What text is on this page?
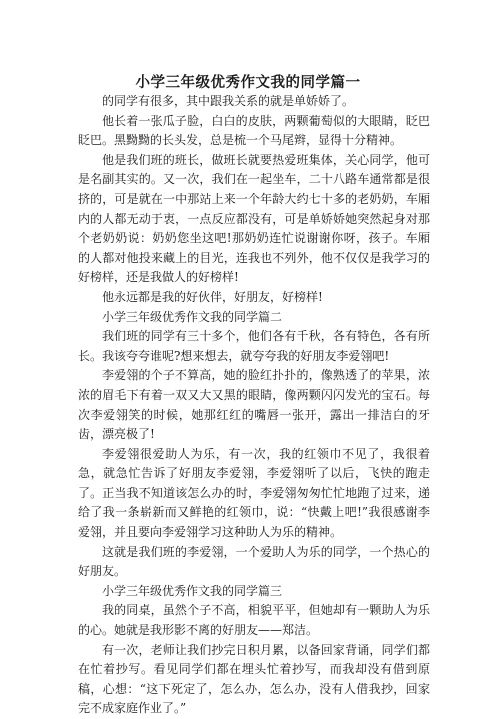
小学三年级优秀作文我的同学篇一

的同学有很多，其中跟我关系的就是单娇娇了。

他长着一张瓜子脸，白白的皮肤，两颗葡萄似的大眼睛，眨巴眨巴。黑黝黝的长头发，总是梳一个马尾辫，显得十分精神。

他是我们班的班长，做班长就要热爱班集体，关心同学，他可是名副其实的。又一次，我们在一起坐车，二十八路车通常都是很挤的，可是就在一中那站上来一个年龄大约七十多的老奶奶，车厢内的人都无动于衷，一点反应都没有，可是单娇娇她突然起身对那个老奶奶说：奶奶您坐这吧!那奶奶连忙说谢谢你呀，孩子。车厢的人都对他投来藏上的目光，连我也不列外，他不仅仅是我学习的好榜样，还是我做人的好榜样!

他永远都是我的好伙伴，好朋友，好榜样!

小学三年级优秀作文我的同学篇二

我们班的同学有三十多个，他们各有千秋，各有特色，各有所长。我该夸夸谁呢?想来想去，就夸夸我的好朋友李爱翎吧!

李爱翎的个子不算高，她的脸红扑扑的，像熟透了的苹果，浓浓的眉毛下有着一双又大又黑的眼睛，像两颗闪闪发光的宝石。每次李爱翎笑的时候，她那红红的嘴唇一张开，露出一排洁白的牙齿，漂亮极了!

李爱翎很爱助人为乐，有一次，我的红领巾不见了，我很着急，就急忙告诉了好朋友李爱翎，李爱翎听了以后，飞快的跑走了。正当我不知道该怎么办的时，李爱翎匆匆忙忙地跑了过来，递给了我一条崭新而又鲜艳的红领巾，说：“快戴上吧!”我很感谢李爱翎，并且要向李爱翎学习这种助人为乐的精神。

这就是我们班的李爱翎，一个爱助人为乐的同学，一个热心的好朋友。

小学三年级优秀作文我的同学篇三

我的同桌，虽然个子不高，相貌平平，但她却有一颗助人为乐的心。她就是我形影不离的好朋友——郑洁。

有一次，老师让我们抄完日积月累，以备回家背诵，同学们都在忙着抄写。看见同学们都在埋头忙着抄写，而我却没有借到原稿，心想：“这下死定了，怎么办，怎么办，没有人借我抄，回家完不成家庭作业了。”
